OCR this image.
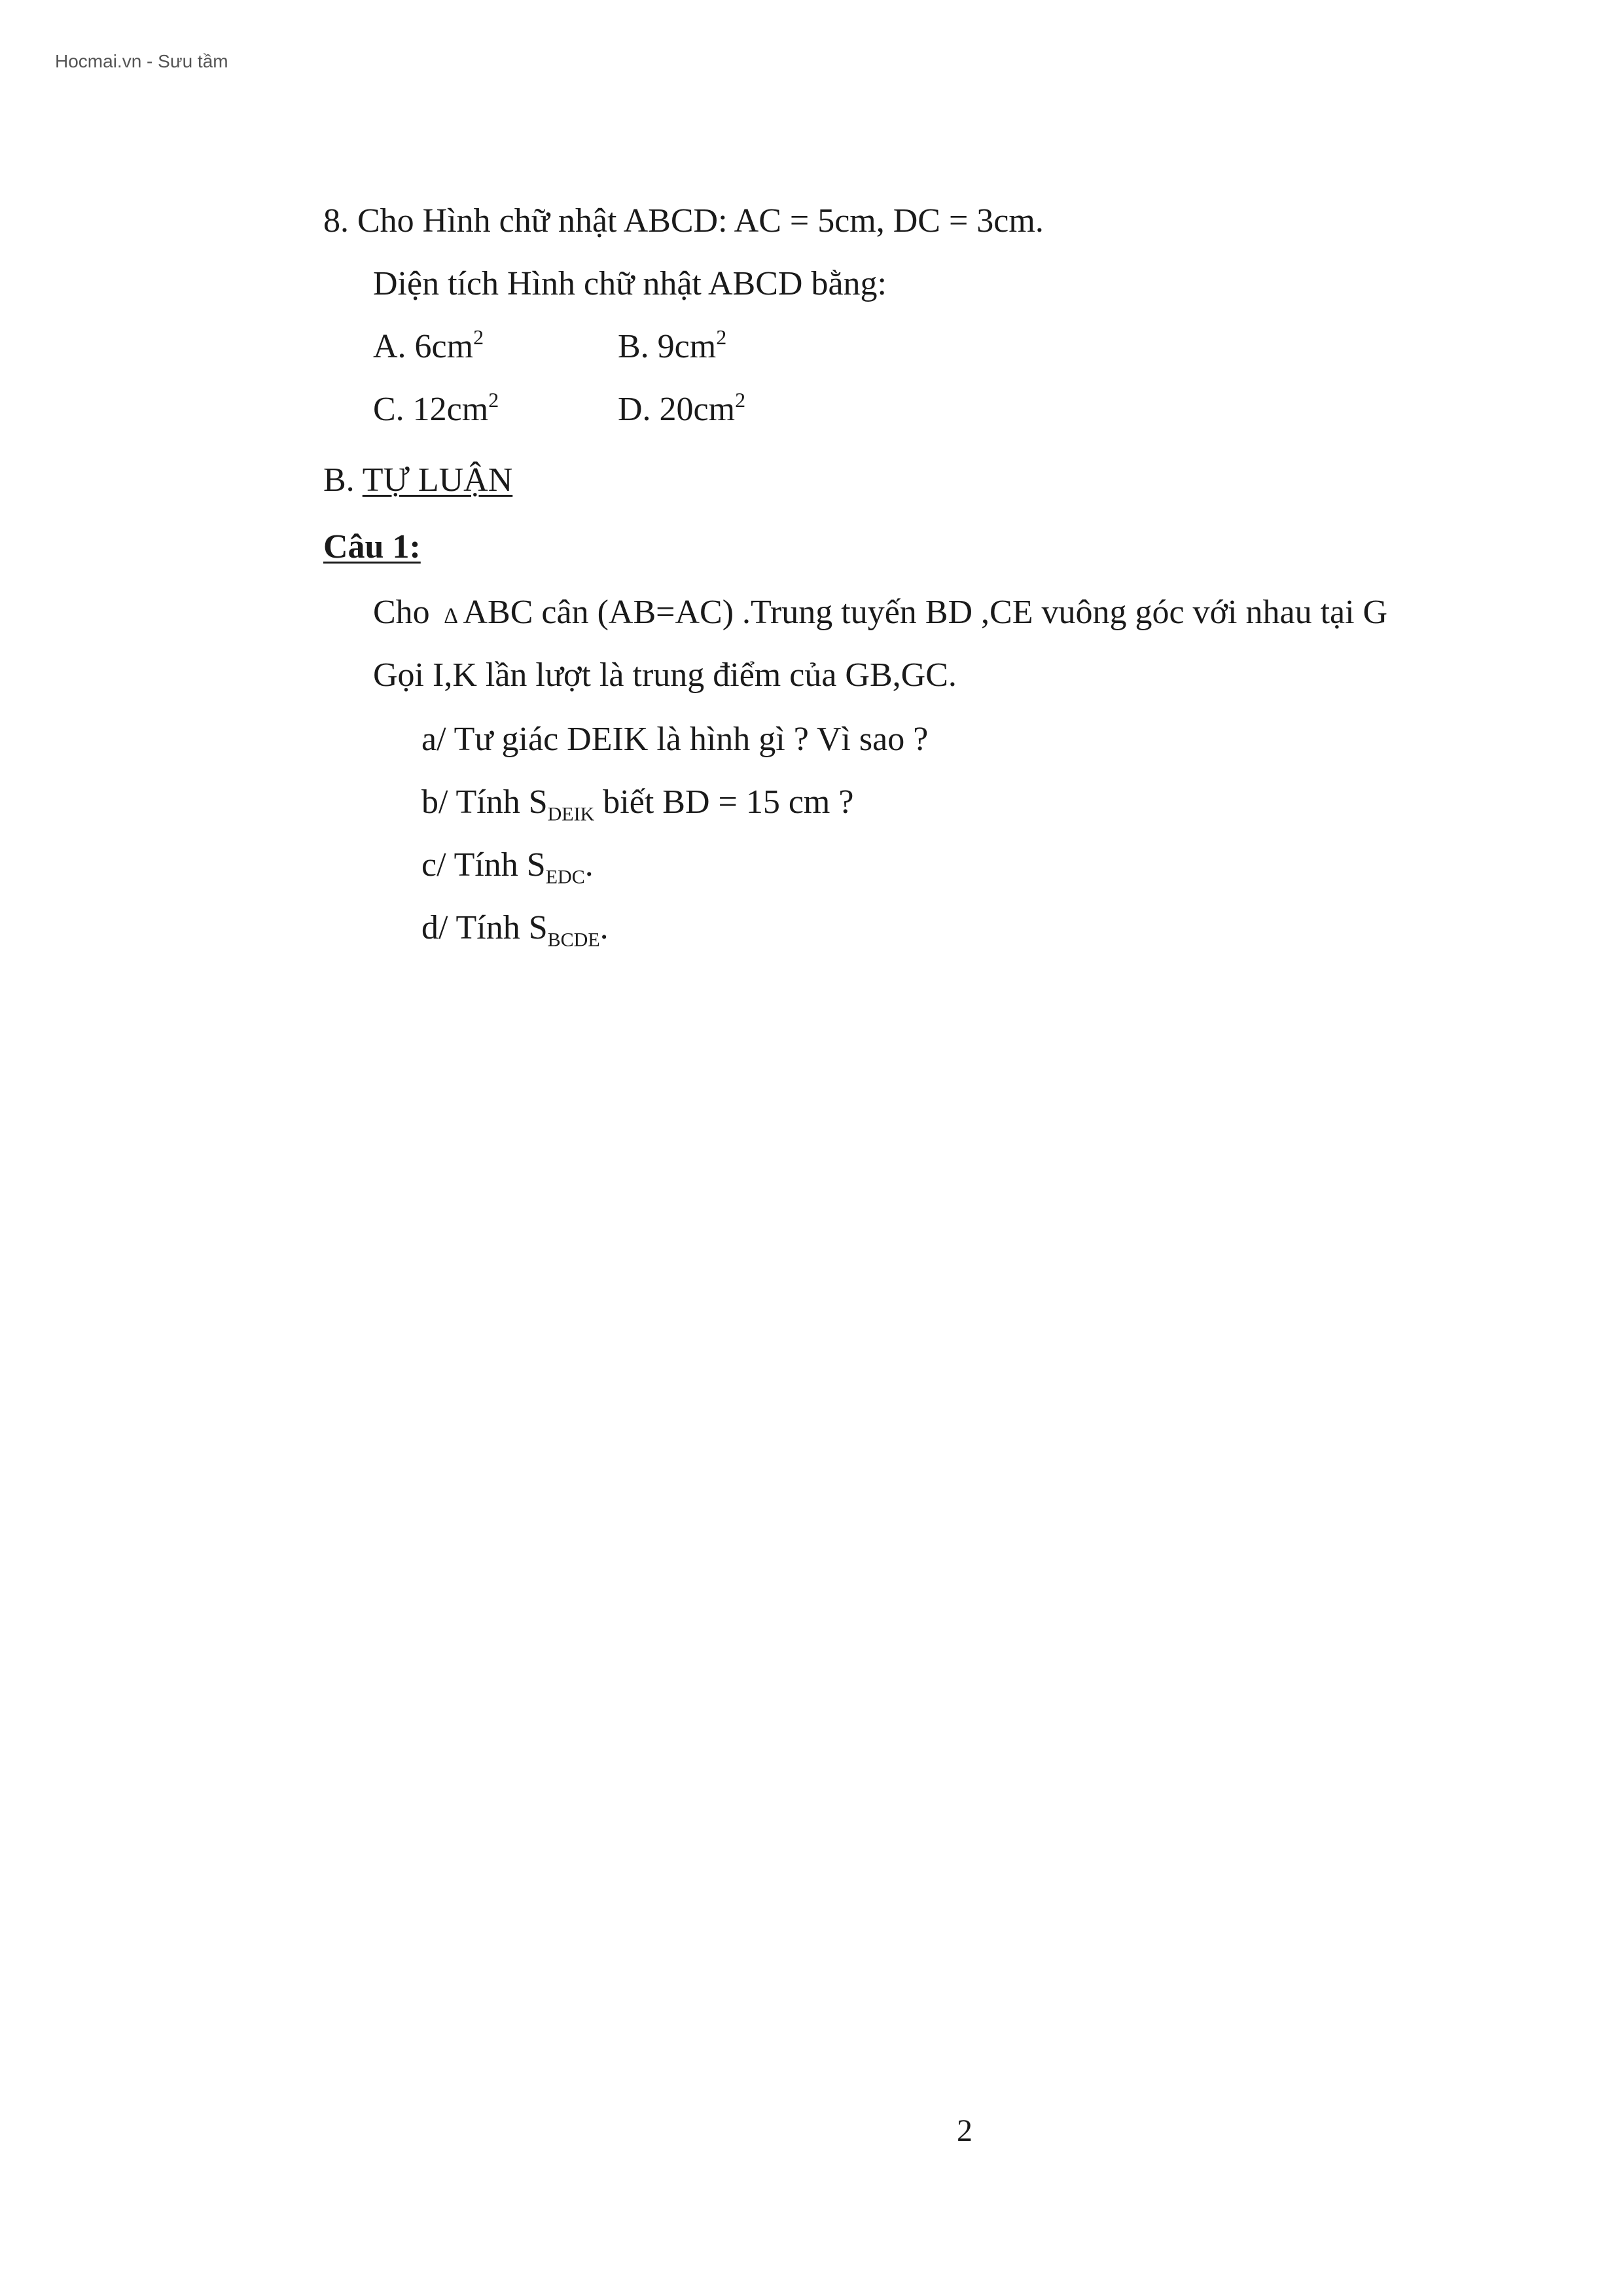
Hocmai.vn - Sưu tầm
8. Cho Hình chữ nhật ABCD: AC = 5cm, DC = 3cm.
Diện tích Hình chữ nhật ABCD bằng:
A. $6cm^2$	B. $9cm^2$
C. $12cm^2$	D. $20cm^2$
B. TỰ LUẬN
Câu 1:
Cho ∆ ABC cân (AB=AC) .Trung tuyến BD ,CE vuông góc với nhau tại G
Gọi I,K lần lượt là trung điểm của GB,GC.
a/ Tư giác DEIK là hình gì ? Vì sao ?
b/ Tính $S_{DEIK}$ biết BD = 15 cm ?
c/ Tính $S_{EDC}$.
d/ Tính $S_{BCDE}$.
2
